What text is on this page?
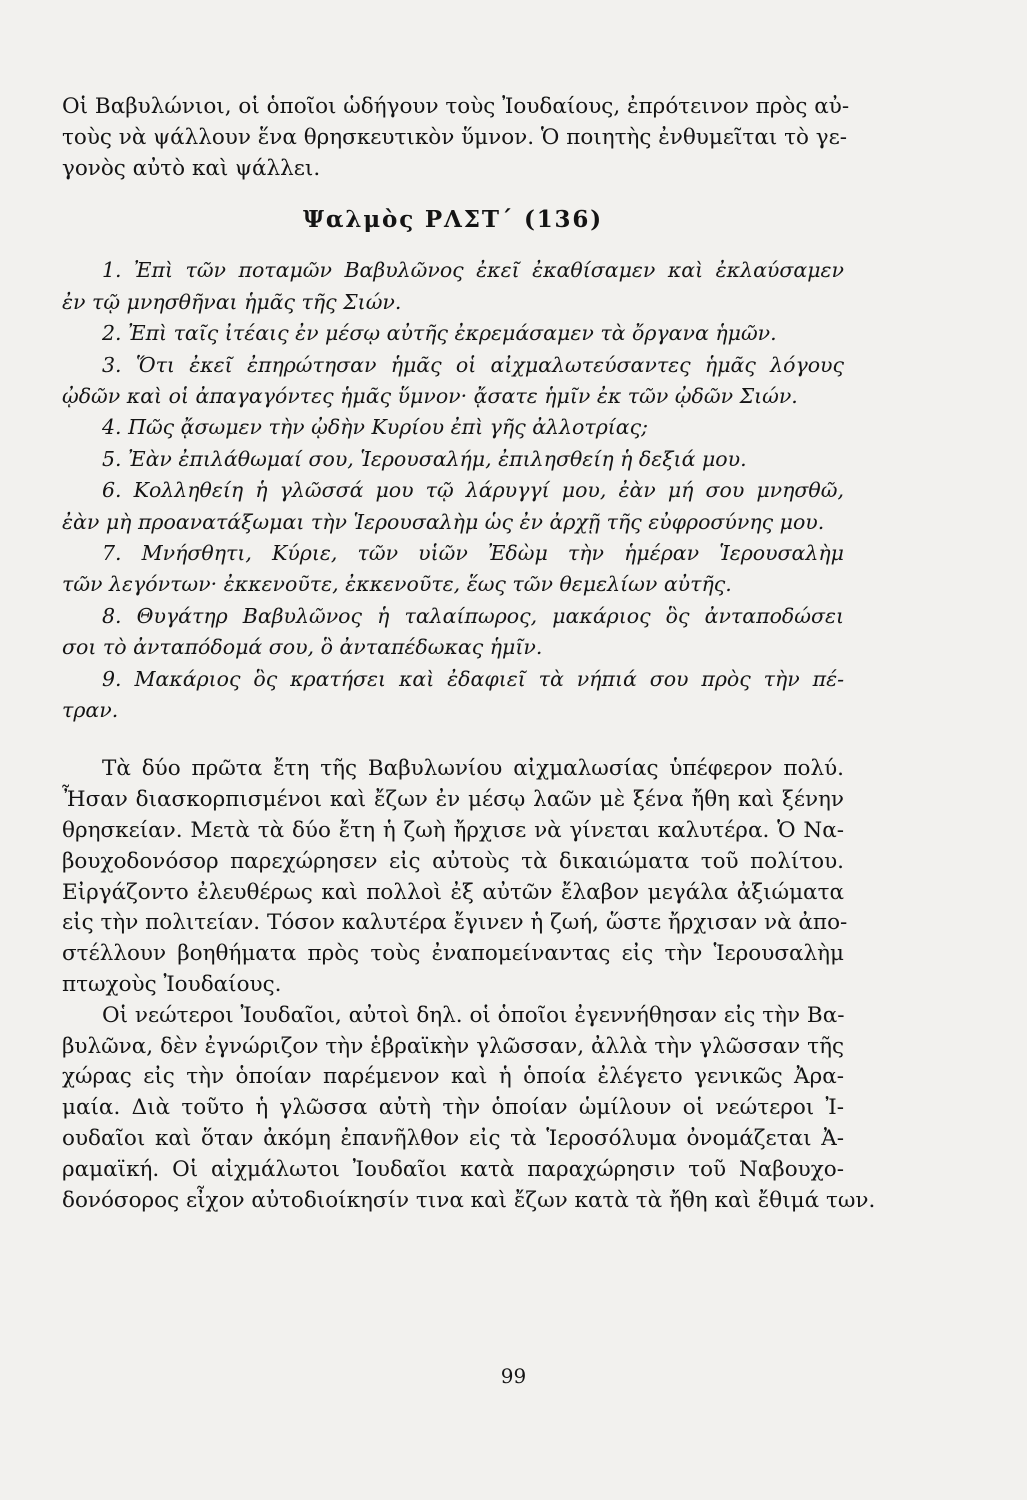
Οἱ Βαβυλώνιοι, οἱ ὁποῖοι ὡδήγουν τοὺς Ἰουδαίους, ἐπρότεινον πρὸς αὐ-
τοὺς νὰ ψάλλουν ἕνα θρησκευτικὸν ὕμνον. Ὁ ποιητὴς ἐνθυμεῖται τὸ γε-
γονὸς αὐτὸ καὶ ψάλλει.

Ψαλμὸς ΡΛΣΤ΄ (136)
1. Ἐπὶ τῶν ποταμῶν Βαβυλῶνος ἐκεῖ ἐκαθίσαμεν καὶ ἐκλαύσαμεν
ἐν τῷ μνησθῆναι ἡμᾶς τῆς Σιών.
2. Ἐπὶ ταῖς ἰτέαις ἐν μέσῳ αὐτῆς ἐκρεμάσαμεν τὰ ὄργανα ἡμῶν.
3. Ὅτι ἐκεῖ ἐπηρώτησαν ἡμᾶς οἱ αἰχμαλωτεύσαντες ἡμᾶς λόγους
ᾠδῶν καὶ οἱ ἀπαγαγόντες ἡμᾶς ὕμνον· ᾄσατε ἡμῖν ἐκ τῶν ᾠδῶν Σιών.
4. Πῶς ᾄσωμεν τὴν ᾠδὴν Κυρίου ἐπὶ γῆς ἀλλοτρίας;
5. Ἐὰν ἐπιλάθωμαί σου, Ἱερουσαλήμ, ἐπιλησθείη ἡ δεξιά μου.
6. Κολληθείη ἡ γλῶσσά μου τῷ λάρυγγί μου, ἐὰν μή σου μνησθῶ,
ἐὰν μὴ προανατάξωμαι τὴν Ἱερουσαλὴμ ὡς ἐν ἀρχῇ τῆς εὐφροσύνης μου.
7. Μνήσθητι, Κύριε, τῶν υἱῶν Ἐδὼμ τὴν ἡμέραν Ἱερουσαλὴμ
τῶν λεγόντων· ἐκκενοῦτε, ἐκκενοῦτε, ἕως τῶν θεμελίων αὐτῆς.
8. Θυγάτηρ Βαβυλῶνος ἡ ταλαίπωρος, μακάριος ὃς ἀνταποδώσει
σοι τὸ ἀνταπόδομά σου, ὃ ἀνταπέδωκας ἡμῖν.
9. Μακάριος ὃς κρατήσει καὶ ἐδαφιεῖ τὰ νήπιά σου πρὸς τὴν πέ-
τραν.

Τὰ δύο πρῶτα ἔτη τῆς Βαβυλωνίου αἰχμαλωσίας ὑπέφερον πολύ.
Ἦσαν διασκορπισμένοι καὶ ἔζων ἐν μέσῳ λαῶν μὲ ξένα ἤθη καὶ ξένην
θρησκείαν. Μετὰ τὰ δύο ἔτη ἡ ζωὴ ἤρχισε νὰ γίνεται καλυτέρα. Ὁ Να-
βουχοδονόσορ παρεχώρησεν εἰς αὐτοὺς τὰ δικαιώματα τοῦ πολίτου.
Εἰργάζοντο ἐλευθέρως καὶ πολλοὶ ἐξ αὐτῶν ἔλαβον μεγάλα ἀξιώματα
εἰς τὴν πολιτείαν. Τόσον καλυτέρα ἔγινεν ἡ ζωή, ὥστε ἤρχισαν νὰ ἀπο-
στέλλουν βοηθήματα πρὸς τοὺς ἐναπομείναντας εἰς τὴν Ἱερουσαλὴμ
πτωχοὺς Ἰουδαίους.

Οἱ νεώτεροι Ἰουδαῖοι, αὐτοὶ δηλ. οἱ ὁποῖοι ἐγεννήθησαν εἰς τὴν Βα-
βυλῶνα, δὲν ἐγνώριζον τὴν ἑβραϊκὴν γλῶσσαν, ἀλλὰ τὴν γλῶσσαν τῆς
χώρας εἰς τὴν ὁποίαν παρέμενον καὶ ἡ ὁποία ἐλέγετο γενικῶς Ἀρα-
μαία. Διὰ τοῦτο ἡ γλῶσσα αὐτὴ τὴν ὁποίαν ὡμίλουν οἱ νεώτεροι Ἰ-
ουδαῖοι καὶ ὅταν ἀκόμη ἐπανῆλθον εἰς τὰ Ἱεροσόλυμα ὀνομάζεται Ἀ-
ραμαϊκή. Οἱ αἰχμάλωτοι Ἰουδαῖοι κατὰ παραχώρησιν τοῦ Ναβουχο-
δονόσορος εἶχον αὐτοδιοίκησίν τινα καὶ ἔζων κατὰ τὰ ἤθη καὶ ἔθιμά των.

99
